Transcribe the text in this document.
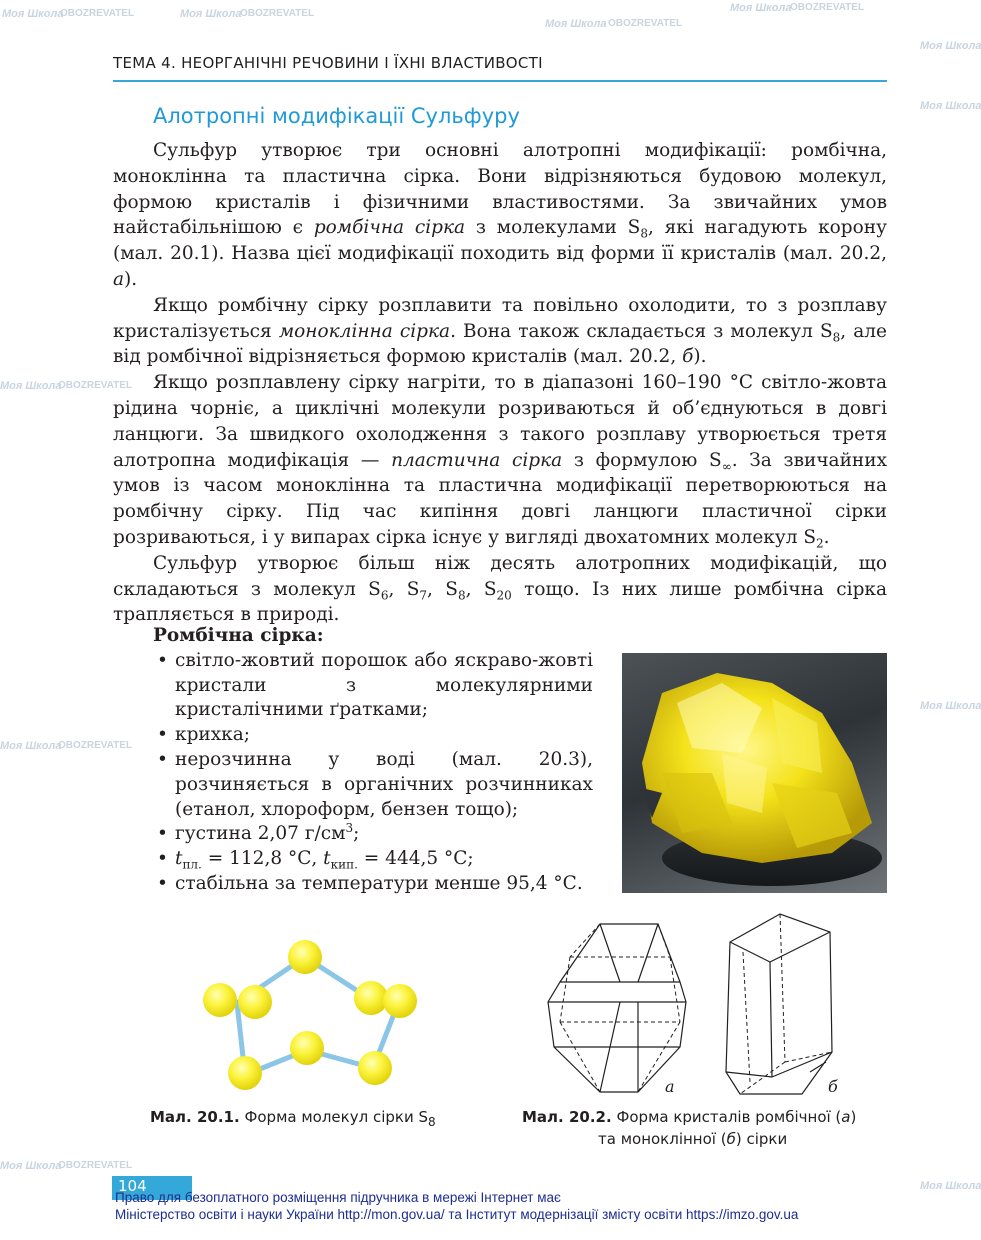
Моя Школа
OBOZREVATEL	Моя Школа
OBOZREVATEL
Моя Школа OBOZREVATEL
Моя Школа
OBOZREVATEL
Моя Школа
Моя Школа
Моя Школа
OBOZREVATEL
Моя Школа
OBOZREVATEL
Моя Школа
Моя Школа
Моя Школа
OBOZREVATEL
ТЕМА 4. НЕОРГАНІЧНІ РЕЧОВИНИ І ЇХНІ ВЛАСТИВОСТІ
Алотропні модифікації Сульфуру

Сульфур утворює три основні алотропні модифікації: ромбічна, моноклінна та пластична сірка. Вони відрізняються будовою молекул, формою кристалів і фізичними властивостями. За звичайних умов найстабільнішою є ромбічна сірка з молекулами $S_8$, які нагадують корону (мал. 20.1). Назва цієї модифікації походить від форми її кристалів (мал. 20.2, а).

Якщо ромбічну сірку розплавити та повільно охолодити, то з розплаву кристалізується моноклінна сірка. Вона також складається з молекул $S_8$, але від ромбічної відрізняється формою кристалів (мал. 20.2, б).

Якщо розплавлену сірку нагріти, то в діапазоні 160–190 °С світло-жовта рідина чорніє, а циклічні молекули розриваються й об’єднуються в довгі ланцюги. За швидкого охолодження з такого розплаву утворюється третя алотропна модифікація — пластична сірка з формулою $S_\infty$. За звичайних умов із часом моноклінна та пластична модифікації перетворюються на ромбічну сірку. Під час кипіння довгі ланцюги пластичної сірки розриваються, і у випарах сірка існує у вигляді двохатомних молекул $S_2$.

Сульфур утворює більш ніж десять алотропних модифікацій, що складаються з молекул $S_6$, $S_7$, $S_8$, $S_{20}$ тощо. Із них лише ромбічна сірка трапляється в природі.

Ромбічна сірка:

• світло-жовтий порошок або яскраво-жовті кристали з молекулярними кристалічними ґратками;
• крихка;
• нерозчинна у воді (мал. 20.3), розчиняється в органічних розчинниках (етанол, хлороформ, бензен тощо);
• густина 2,07 $г/см^3$;
• $t_{пл.} = 112,8$ °С, $t_{кип.} = 444,5$ °С;
• стабільна за температури менше 95,4 °С.
а	б
Мал. 20.1. Форма молекул сірки $S_8$	Мал. 20.2. Форма кристалів ромбічної (а)
та моноклінної (б) сірки
104
Право для безоплатного розміщення підручника в мережі Інтернет має
Міністерство освіти і науки України http://mon.gov.ua/ та Інститут модернізації змісту освіти https://imzo.gov.ua
